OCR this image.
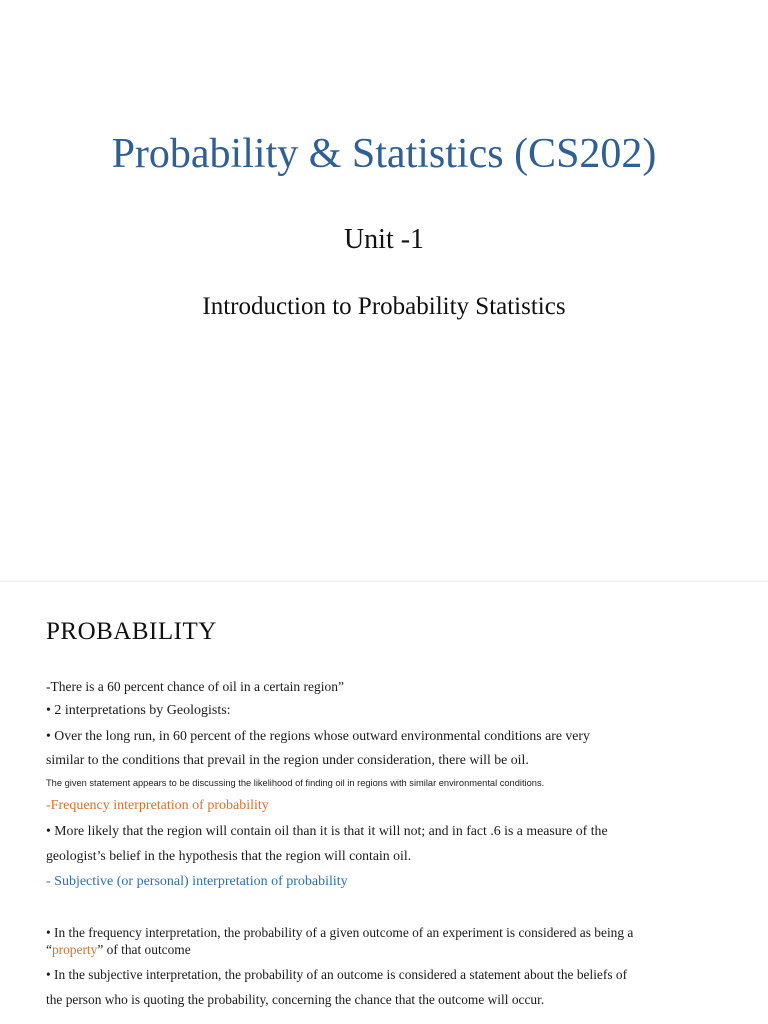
Probability & Statistics (CS202)
Unit -1
Introduction to Probability Statistics
PROBABILITY
-There is a 60 percent chance of oil in a certain region”
• 2 interpretations by Geologists:
• Over the long run, in 60 percent of the regions whose outward environmental conditions are very
similar to the conditions that prevail in the region under consideration, there will be oil.
The given statement appears to be discussing the likelihood of finding oil in regions with similar environmental conditions.
-Frequency interpretation of probability
• More likely that the region will contain oil than it is that it will not; and in fact .6 is a measure of the
geologist’s belief in the hypothesis that the region will contain oil.
- Subjective (or personal) interpretation of probability
• In the frequency interpretation, the probability of a given outcome of an experiment is considered as being a
“property” of that outcome
• In the subjective interpretation, the probability of an outcome is considered a statement about the beliefs of
the person who is quoting the probability, concerning the chance that the outcome will occur.
